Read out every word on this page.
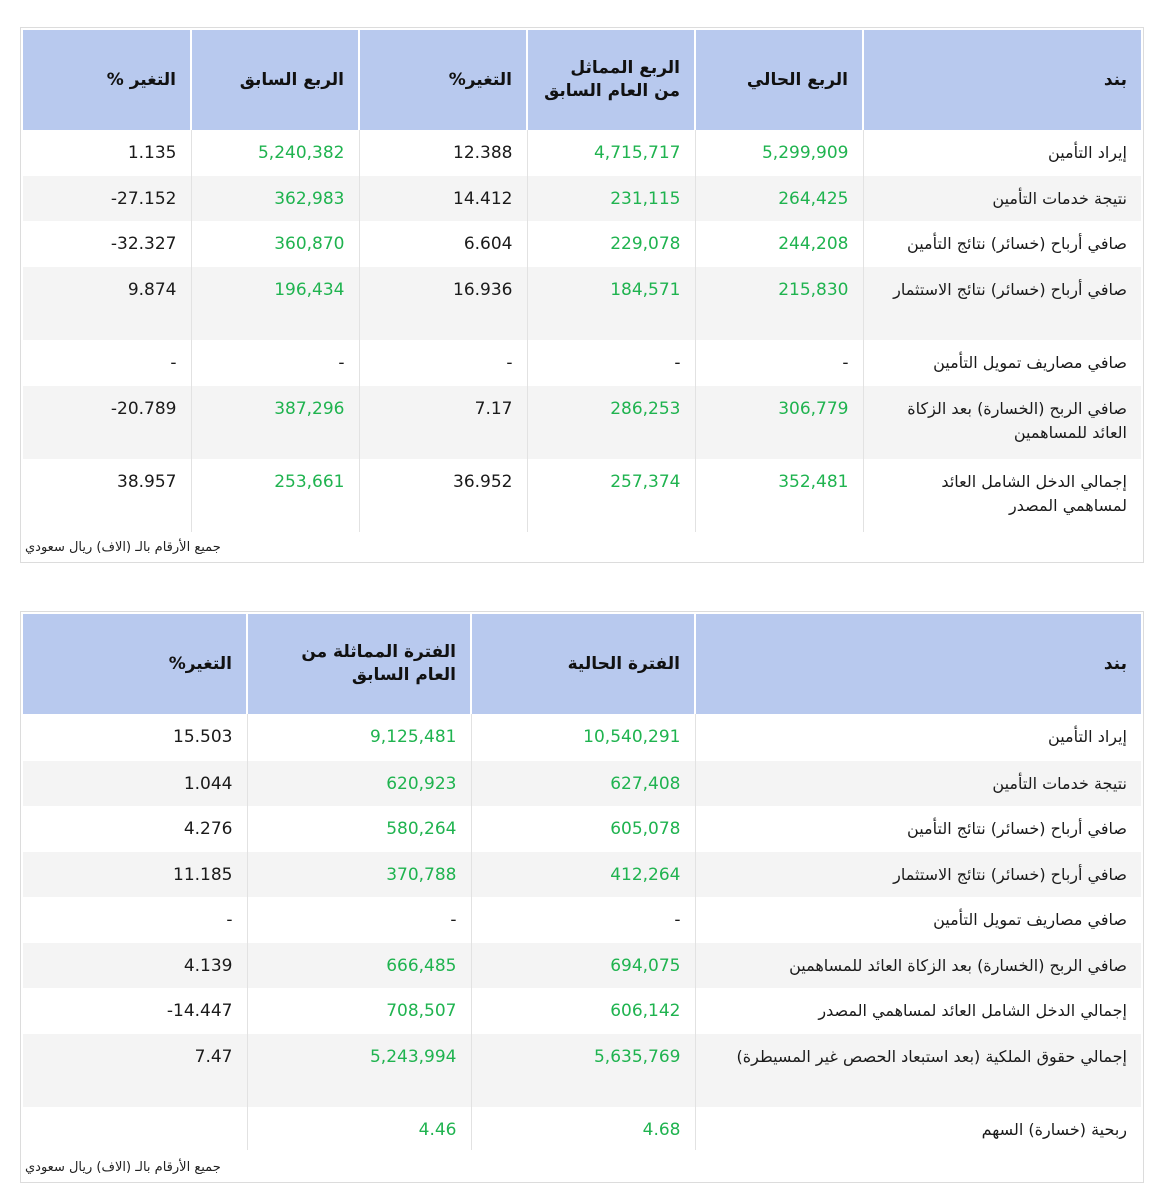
بند	الربع الحالي	الربع المماثل من العام السابق	التغير%	الربع السابق	التغير %
إيراد التأمين	5,299,909	4,715,717	12.388	5,240,382	1.135
نتيجة خدمات التأمين	264,425	231,115	14.412	362,983	27.152-
صافي أرباح (خسائر) نتائج التأمين	244,208	229,078	6.604	360,870	32.327-
صافي أرباح (خسائر) نتائج الاستثمار	215,830	184,571	16.936	196,434	9.874
صافي مصاريف تمويل التأمين	-	-	-	-	-
صافي الربح (الخسارة) بعد الزكاة العائد للمساهمين	306,779	286,253	7.17	387,296	20.789-
إجمالي الدخل الشامل العائد لمساهمي المصدر	352,481	257,374	36.952	253,661	38.957
جميع الأرقام بالـ (الاف) ريال سعودي
بند	الفترة الحالية	الفترة المماثلة من العام السابق	التغير%
إيراد التأمين	10,540,291	9,125,481	15.503
نتيجة خدمات التأمين	627,408	620,923	1.044
صافي أرباح (خسائر) نتائج التأمين	605,078	580,264	4.276
صافي أرباح (خسائر) نتائج الاستثمار	412,264	370,788	11.185
صافي مصاريف تمويل التأمين	-	-	-
صافي الربح (الخسارة) بعد الزكاة العائد للمساهمين	694,075	666,485	4.139
إجمالي الدخل الشامل العائد لمساهمي المصدر	606,142	708,507	14.447-
إجمالي حقوق الملكية (بعد استبعاد الحصص غير المسيطرة)	5,635,769	5,243,994	7.47
ربحية (خسارة) السهم	4.68	4.46	
جميع الأرقام بالـ (الاف) ريال سعودي
